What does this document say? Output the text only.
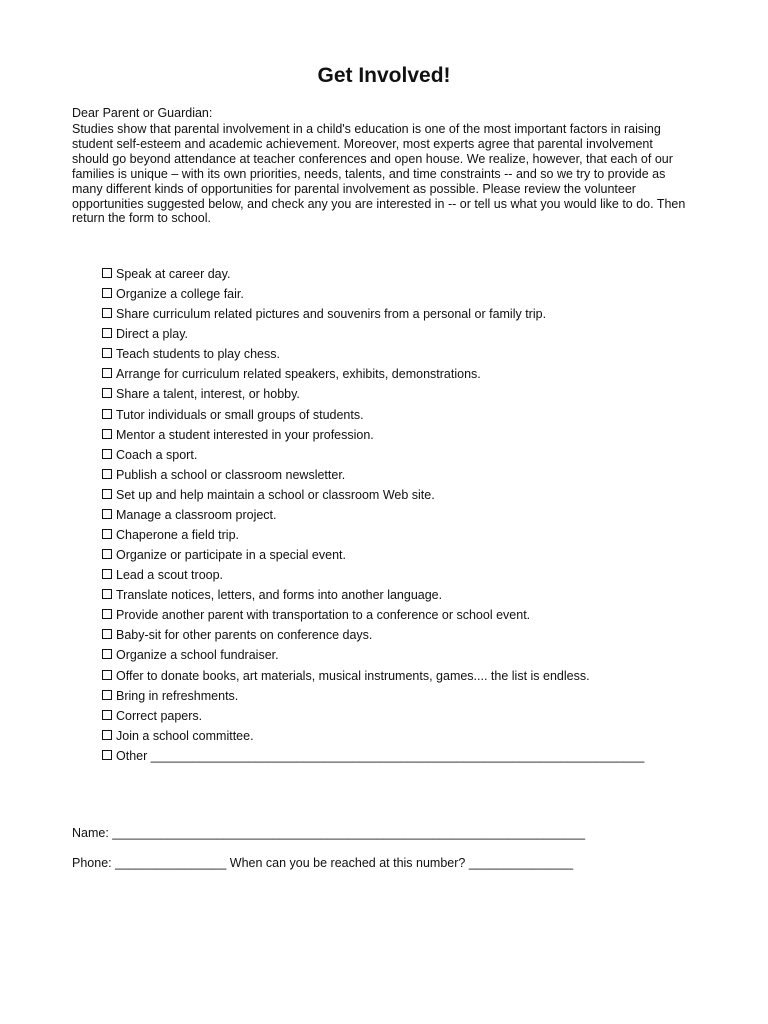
Get Involved!

Dear Parent or Guardian:

Studies show that parental involvement in a child's education is one of the most important factors in raising
student self-esteem and academic achievement. Moreover, most experts agree that parental involvement
should go beyond attendance at teacher conferences and open house. We realize, however, that each of our
families is unique – with its own priorities, needs, talents, and time constraints -- and so we try to provide as
many different kinds of opportunities for parental involvement as possible. Please review the volunteer
opportunities suggested below, and check any you are interested in -- or tell us what you would like to do. Then
return the form to school.
Speak at career day.
Organize a college fair.
Share curriculum related pictures and souvenirs from a personal or family trip.
Direct a play.
Teach students to play chess.
Arrange for curriculum related speakers, exhibits, demonstrations.
Share a talent, interest, or hobby.
Tutor individuals or small groups of students.
Mentor a student interested in your profession.
Coach a sport.
Publish a school or classroom newsletter.
Set up and help maintain a school or classroom Web site.
Manage a classroom project.
Chaperone a field trip.
Organize or participate in a special event.
Lead a scout troop.
Translate notices, letters, and forms into another language.
Provide another parent with transportation to a conference or school event.
Baby-sit for other parents on conference days.
Organize a school fundraiser.
Offer to donate books, art materials, musical instruments, games.... the list is endless.
Bring in refreshments.
Correct papers.
Join a school committee.
Other _______________________________________________________________________

Name: ____________________________________________________________________

Phone: ________________ When can you be reached at this number? _______________
